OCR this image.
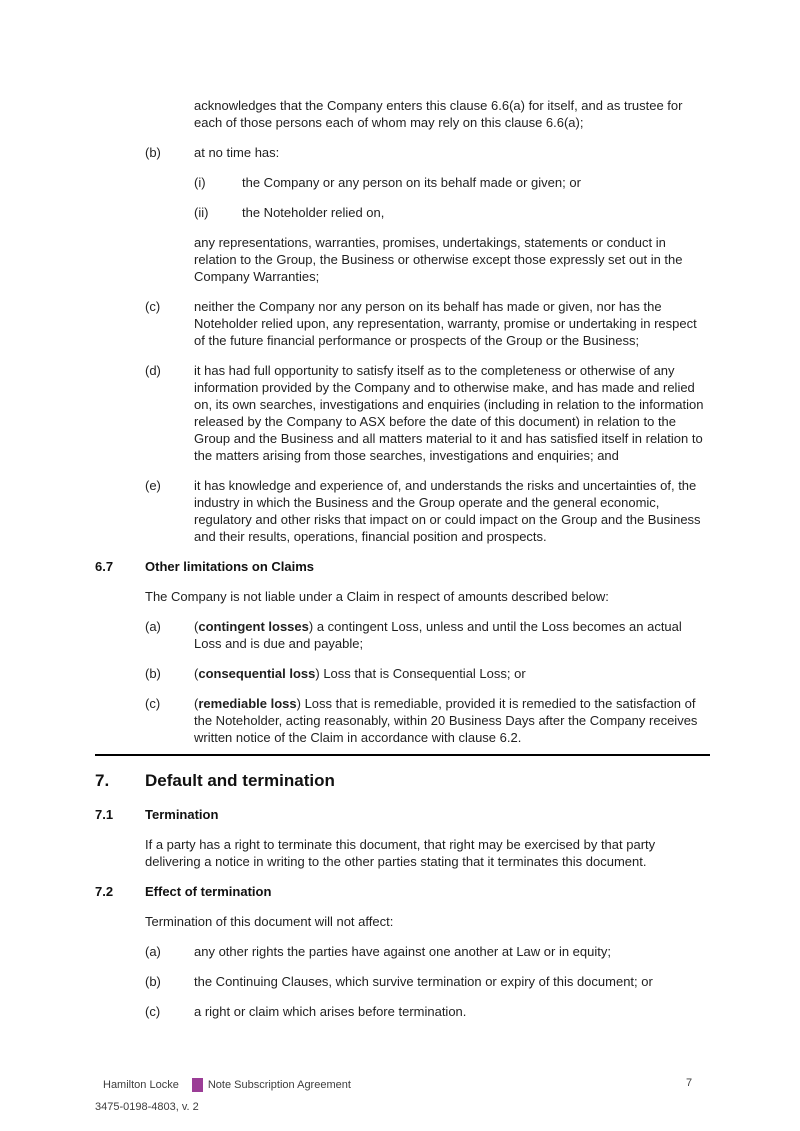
acknowledges that the Company enters this clause 6.6(a) for itself, and as trustee for each of those persons each of whom may rely on this clause 6.6(a);
(b)	at no time has:
(i)	the Company or any person on its behalf made or given; or
(ii)	the Noteholder relied on,
any representations, warranties, promises, undertakings, statements or conduct in relation to the Group, the Business or otherwise except those expressly set out in the Company Warranties;
(c)	neither the Company nor any person on its behalf has made or given, nor has the Noteholder relied upon, any representation, warranty, promise or undertaking in respect of the future financial performance or prospects of the Group or the Business;
(d)	it has had full opportunity to satisfy itself as to the completeness or otherwise of any information provided by the Company and to otherwise make, and has made and relied on, its own searches, investigations and enquiries (including in relation to the information released by the Company to ASX before the date of this document) in relation to the Group and the Business and all matters material to it and has satisfied itself in relation to the matters arising from those searches, investigations and enquiries; and
(e)	it has knowledge and experience of, and understands the risks and uncertainties of, the industry in which the Business and the Group operate and the general economic, regulatory and other risks that impact on or could impact on the Group and the Business and their results, operations, financial position and prospects.
6.7	Other limitations on Claims
The Company is not liable under a Claim in respect of amounts described below:
(a)	(contingent losses) a contingent Loss, unless and until the Loss becomes an actual Loss and is due and payable;
(b)	(consequential loss) Loss that is Consequential Loss; or
(c)	(remediable loss) Loss that is remediable, provided it is remedied to the satisfaction of the Noteholder, acting reasonably, within 20 Business Days after the Company receives written notice of the Claim in accordance with clause 6.2.
7.	Default and termination
7.1	Termination
If a party has a right to terminate this document, that right may be exercised by that party delivering a notice in writing to the other parties stating that it terminates this document.
7.2	Effect of termination
Termination of this document will not affect:
(a)	any other rights the parties have against one another at Law or in equity;
(b)	the Continuing Clauses, which survive termination or expiry of this document; or
(c)	a right or claim which arises before termination.
Hamilton Locke	Note Subscription Agreement	7
3475-0198-4803, v. 2
